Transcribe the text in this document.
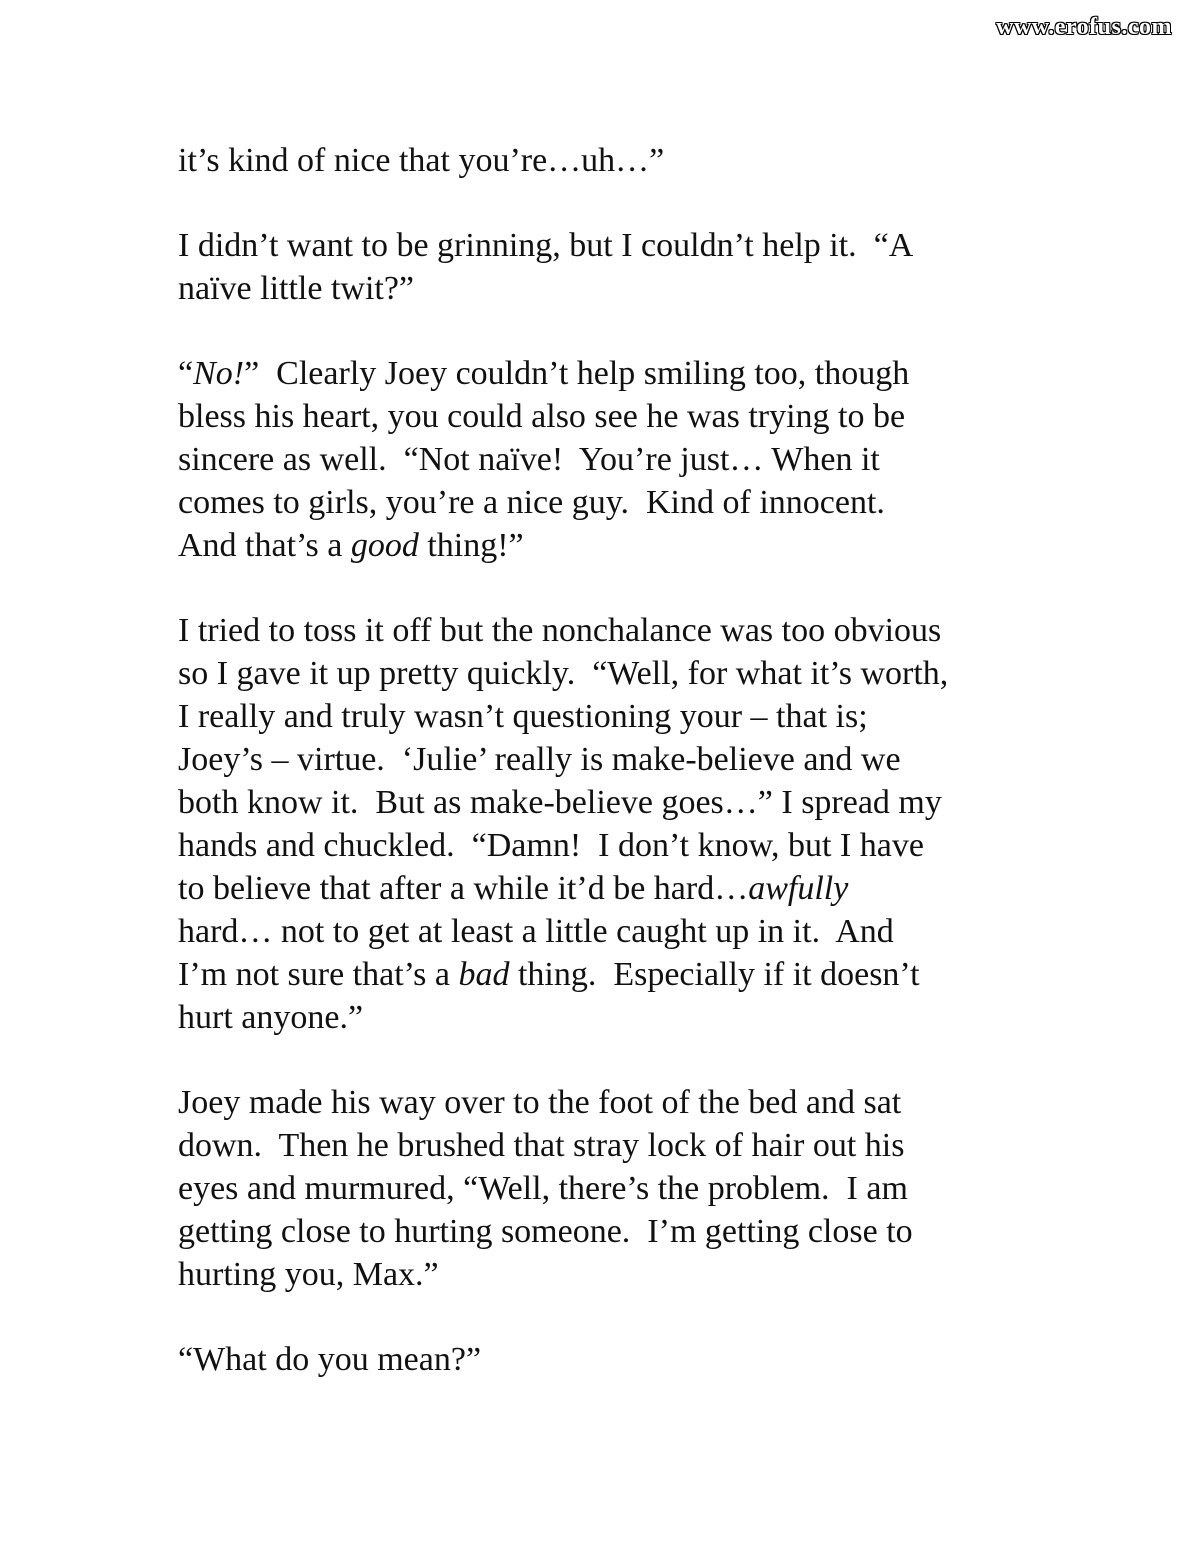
www.erofus.com
it’s kind of nice that you’re…uh…”
I didn’t want to be grinning, but I couldn’t help it.  “A
naïve little twit?”
“No!”  Clearly Joey couldn’t help smiling too, though
bless his heart, you could also see he was trying to be
sincere as well.  “Not naïve!  You’re just… When it
comes to girls, you’re a nice guy.  Kind of innocent.
And that’s a good thing!”
I tried to toss it off but the nonchalance was too obvious
so I gave it up pretty quickly.  “Well, for what it’s worth,
I really and truly wasn’t questioning your – that is;
Joey’s – virtue.  ‘Julie’ really is make-believe and we
both know it.  But as make-believe goes…” I spread my
hands and chuckled.  “Damn!  I don’t know, but I have
to believe that after a while it’d be hard…awfully
hard… not to get at least a little caught up in it.  And
I’m not sure that’s a bad thing.  Especially if it doesn’t
hurt anyone.”
Joey made his way over to the foot of the bed and sat
down.  Then he brushed that stray lock of hair out his
eyes and murmured, “Well, there’s the problem.  I am
getting close to hurting someone.  I’m getting close to
hurting you, Max.”
“What do you mean?”
